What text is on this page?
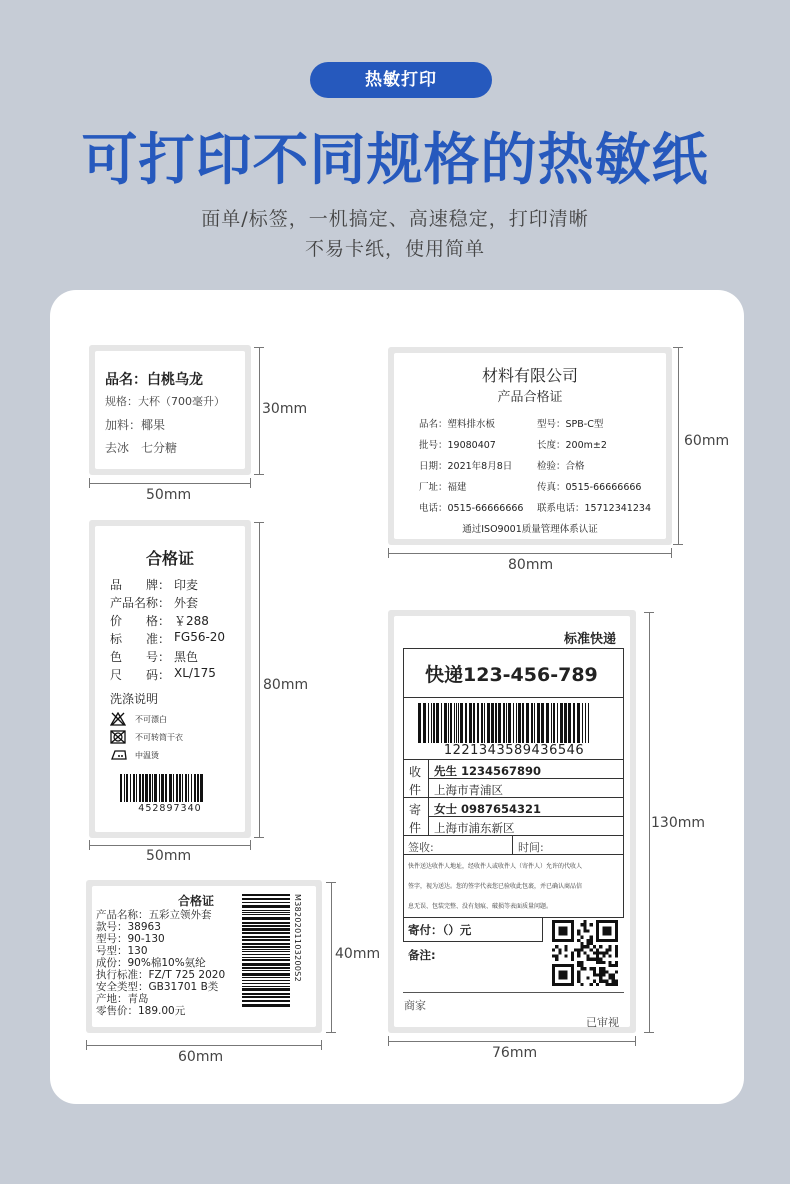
热敏打印
可打印不同规格的热敏纸
面单/标签，一机搞定、高速稳定，打印清晰
不易卡纸，使用简单
品名：白桃乌龙
规格：大杯（700毫升）
加料：椰果
去冰　七分糖
30mm
50mm
材料有限公司
产品合格证
品名：塑料排水板	型号：SPB-C型
批号：19080407	长度：200m±2
日期：2021年8月8日	检验：合格
厂址：福建	传真：0515-66666666
电话：0515-66666666 联系电话：15712341234
通过ISO9001质量管理体系认证
60mm
80mm
合格证
品　　牌： 印麦
产品名称： 外套
价　　格： ￥288
标　　准： FG56-20
色　　号： 黑色
尺　　码： XL/175
洗涤说明
不可漂白
不可转筒干衣
中温烫
452897340
80mm
50mm
标准快递
快递123-456-789
1221343589436546
收
件
先生 1234567890
上海市青浦区
寄
件
女士 0987654321
上海市浦东新区
签收:	时间:
快件送达收件人地址，经收件人或收件人（寄件人）允许的代收人
签字，视为送达。您的签字代表您已验收此包裹，并已确认商品信
息无误、包装完整、没有划痕、破损等表面质量问题。
寄付：（）元
备注:
商家
已审视
130mm
76mm
合格证
产品名称：五彩立领外套
款号：38963
型号：90-130
号型：130
成份：90%棉10%氨纶
执行标准：FZ/T 725 2020
安全类型：GB31701 B类
产地：青岛
零售价：189.00元
M3820201103200S2 40mm
60mm
